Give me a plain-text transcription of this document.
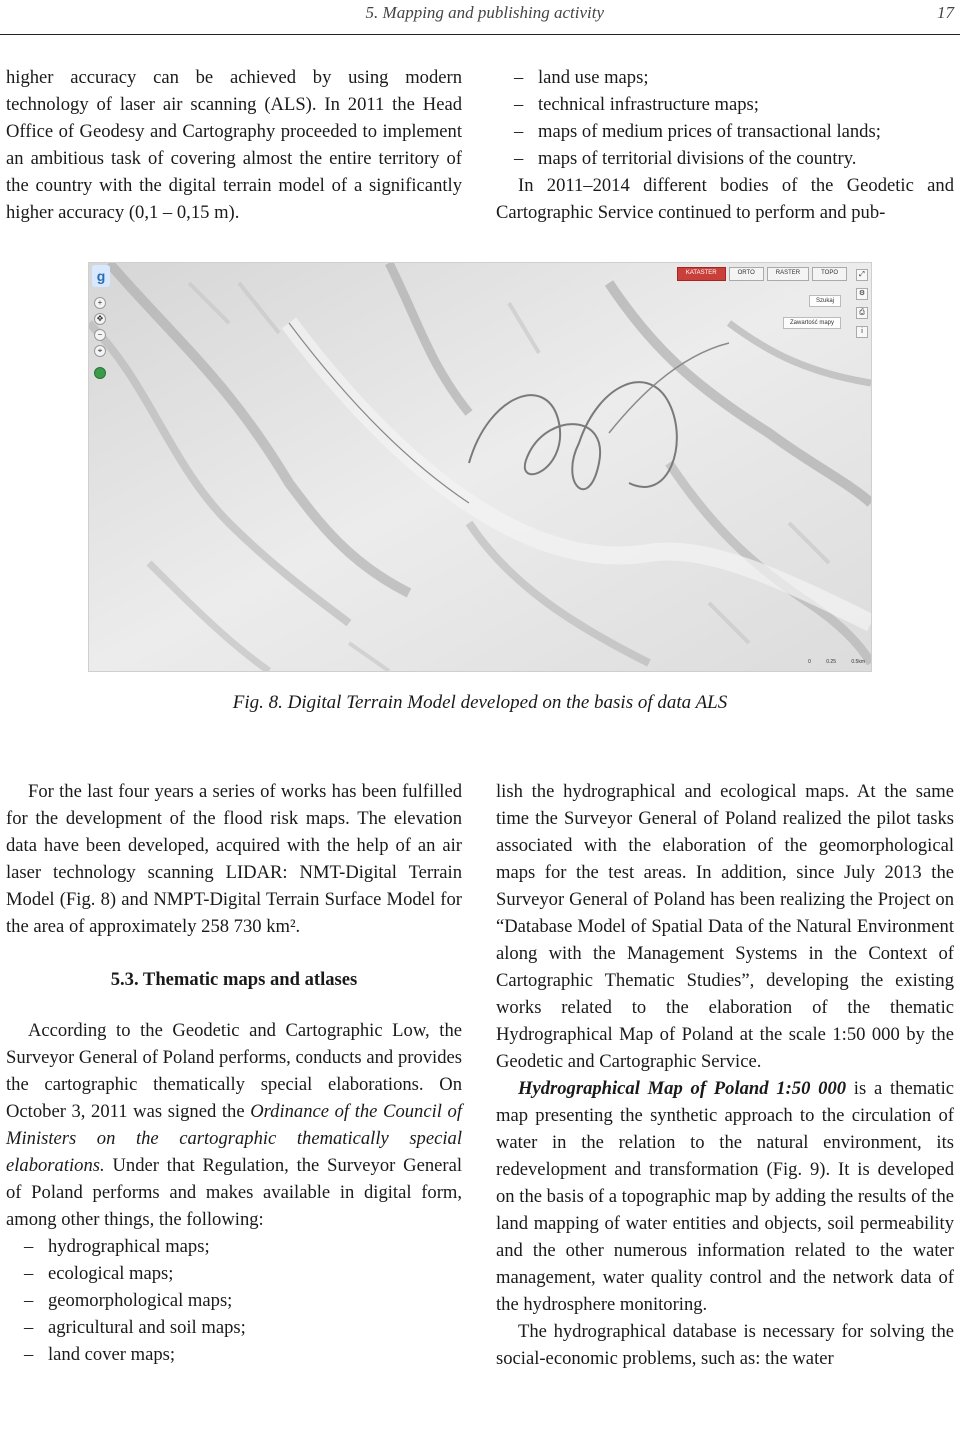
5. Mapping and publishing activity	17

higher accuracy can be achieved by using modern technology of laser air scanning (ALS). In 2011 the Head Office of Geodesy and Cartography proceeded to implement an ambitious task of covering almost the entire territory of the country with the digital terrain model of a significantly higher accuracy (0,1 – 0,15 m).

– land use maps;
– technical infrastructure maps;
– maps of medium prices of transactional lands;
– maps of territorial divisions of the country.

In 2011–2014 different bodies of the Geodetic and Cartographic Service continued to perform and pub-

g
+
✥
−
⌖
KATASTER	ORTO	RASTER	TOPO
Szukaj
Zawartość mapy
⤢
⚙
⎙
i
0	0.25	0.5km
Fig. 8. Digital Terrain Model developed on the basis of data ALS

For the last four years a series of works has been fulfilled for the development of the flood risk maps. The elevation data have been developed, acquired with the help of an air laser technology scanning LIDAR: NMT-Digital Terrain Model (Fig. 8) and NMPT-Digital Terrain Surface Model for the area of approximately 258 730 km².

5.3. Thematic maps and atlases

According to the Geodetic and Cartographic Low, the Surveyor General of Poland performs, conducts and provides the cartographic thematically special elaborations. On October 3, 2011 was signed the Ordinance of the Council of Ministers on the cartographic thematically special elaborations. Under that Regulation, the Surveyor General of Poland performs and makes available in digital form, among other things, the following:

– hydrographical maps;
– ecological maps;
– geomorphological maps;
– agricultural and soil maps;
– land cover maps;

lish the hydrographical and ecological maps. At the same time the Surveyor General of Poland realized the pilot tasks associated with the elaboration of the geomorphological maps for the test areas. In addition, since July 2013 the Surveyor General of Poland has been realizing the Project on “Database Model of Spatial Data of the Natural Environment along with the Management Systems in the Context of Cartographic Thematic Studies”, developing the existing works related to the elaboration of the thematic Hydrographical Map of Poland at the scale 1:50 000 by the Geodetic and Cartographic Service.

Hydrographical Map of Poland 1:50 000 is a thematic map presenting the synthetic approach to the circulation of water in the relation to the natural environment, its redevelopment and transformation (Fig. 9). It is developed on the basis of a topographic map by adding the results of the land mapping of water entities and objects, soil permeability and the other numerous information related to the water management, water quality control and the network data of the hydrosphere monitoring.

The hydrographical database is necessary for solving the social-economic problems, such as: the water
